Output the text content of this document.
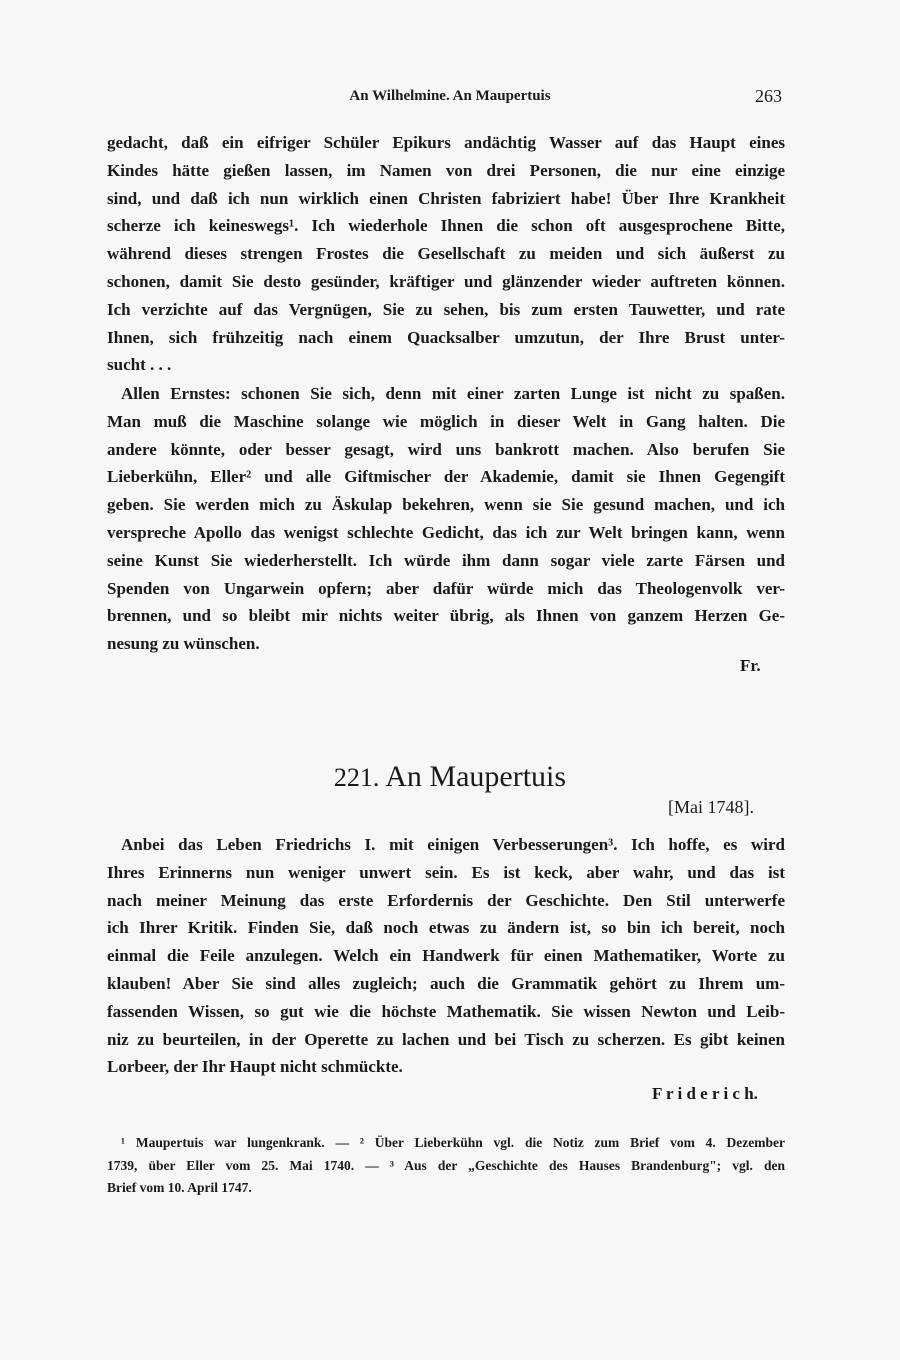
An Wilhelmine. An Maupertuis	263
gedacht, daß ein eifriger Schüler Epikurs andächtig Wasser auf das Haupt eines
Kindes hätte gießen lassen, im Namen von drei Personen, die nur eine einzige
sind, und daß ich nun wirklich einen Christen fabriziert habe! Über Ihre Krankheit
scherze ich keineswegs¹. Ich wiederhole Ihnen die schon oft ausgesprochene Bitte,
während dieses strengen Frostes die Gesellschaft zu meiden und sich äußerst zu
schonen, damit Sie desto gesünder, kräftiger und glänzender wieder auftreten können.
Ich verzichte auf das Vergnügen, Sie zu sehen, bis zum ersten Tauwetter, und rate
Ihnen, sich frühzeitig nach einem Quacksalber umzutun, der Ihre Brust unter-
sucht . . .
Allen Ernstes: schonen Sie sich, denn mit einer zarten Lunge ist nicht zu spaßen.
Man muß die Maschine solange wie möglich in dieser Welt in Gang halten. Die
andere könnte, oder besser gesagt, wird uns bankrott machen. Also berufen Sie
Lieberkühn, Eller² und alle Giftmischer der Akademie, damit sie Ihnen Gegengift
geben. Sie werden mich zu Äskulap bekehren, wenn sie Sie gesund machen, und ich
verspreche Apollo das wenigst schlechte Gedicht, das ich zur Welt bringen kann, wenn
seine Kunst Sie wiederherstellt. Ich würde ihm dann sogar viele zarte Färsen und
Spenden von Ungarwein opfern; aber dafür würde mich das Theologenvolk ver-
brennen, und so bleibt mir nichts weiter übrig, als Ihnen von ganzem Herzen Ge-
nesung zu wünschen.
Fr.
221. An Maupertuis
[Mai 1748].
Anbei das Leben Friedrichs I. mit einigen Verbesserungen³. Ich hoffe, es wird
Ihres Erinnerns nun weniger unwert sein. Es ist keck, aber wahr, und das ist
nach meiner Meinung das erste Erfordernis der Geschichte. Den Stil unterwerfe
ich Ihrer Kritik. Finden Sie, daß noch etwas zu ändern ist, so bin ich bereit, noch
einmal die Feile anzulegen. Welch ein Handwerk für einen Mathematiker, Worte zu
klauben! Aber Sie sind alles zugleich; auch die Grammatik gehört zu Ihrem um-
fassenden Wissen, so gut wie die höchste Mathematik. Sie wissen Newton und Leib-
niz zu beurteilen, in der Operette zu lachen und bei Tisch zu scherzen. Es gibt keinen
Lorbeer, der Ihr Haupt nicht schmückte.
F r i d e r i c h.
¹ Maupertuis war lungenkrank. — ² Über Lieberkühn vgl. die Notiz zum Brief vom 4. Dezember
1739, über Eller vom 25. Mai 1740. — ³ Aus der „Geschichte des Hauses Brandenburg"; vgl. den
Brief vom 10. April 1747.
